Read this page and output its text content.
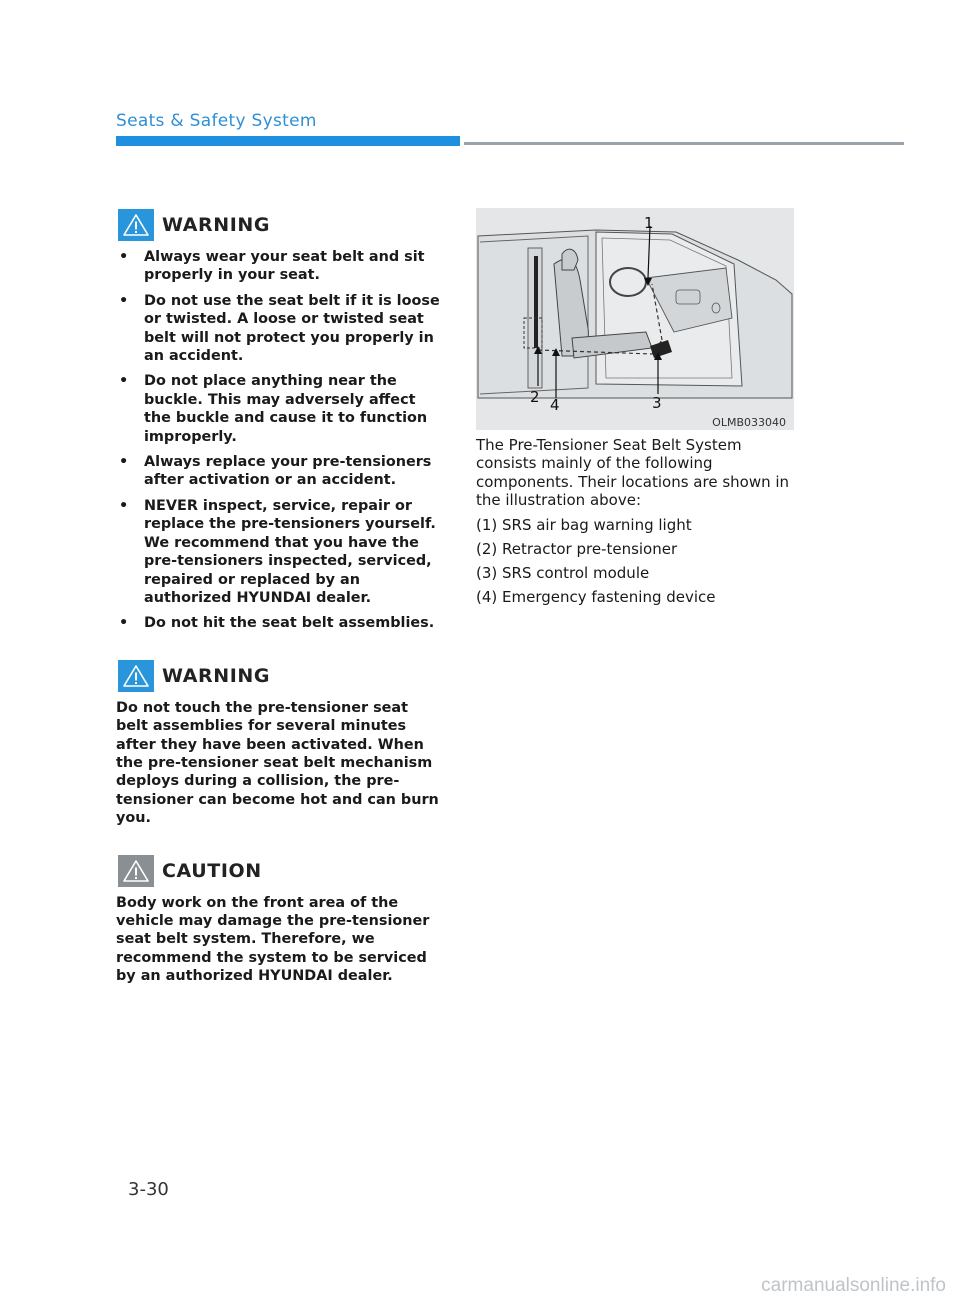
Seats & Safety System
WARNING
• Always wear your seat belt and sit properly in your seat.
• Do not use the seat belt if it is loose or twisted. A loose or twisted seat belt will not protect you properly in an accident.
• Do not place anything near the buckle. This may adversely affect the buckle and cause it to function improperly.
• Always replace your pre-tensioners after activation or an accident.
• NEVER inspect, service, repair or replace the pre-tensioners yourself. We recommend that you have the pre-tensioners inspected, serviced, repaired or replaced by an authorized HYUNDAI dealer.
• Do not hit the seat belt assemblies.
WARNING

Do not touch the pre-tensioner seat belt assemblies for several minutes after they have been activated. When the pre-tensioner seat belt mechanism deploys during a collision, the pre-tensioner can become hot and can burn you.

CAUTION

Body work on the front area of the vehicle may damage the pre-tensioner seat belt system. Therefore, we recommend the system to be serviced by an authorized HYUNDAI dealer.

1
2	3
4
OLMB033040

The Pre-Tensioner Seat Belt System consists mainly of the following components. Their locations are shown in the illustration above:

(1) SRS air bag warning light
(2) Retractor pre-tensioner
(3) SRS control module
(4) Emergency fastening device
3-30
carmanualsonline.info
